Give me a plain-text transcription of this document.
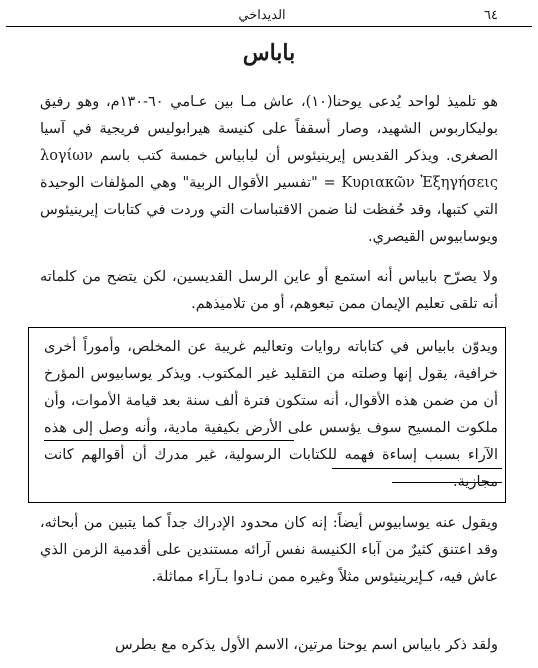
الديداخي	٦٤
باباس

هو تلميذ لواحد يُدعى يوحنا(١٠)، عاش مـا بين عـامي ٦٠-١٣٠م، وهو رفيق بوليكاربوس الشهيد، وصار أسقفاً على كنيسة هيرابوليس فريجية في آسيا الصغرى. ويذكر القديس إيرينيئوس أن لبابياس خمسة كتب باسم λογίων Κυριακῶν Ἐξηγήσεις = "تفسير الأقوال الربية" وهي المؤلفات الوحيدة التي كتبها، وقد حُفظت لنا ضمن الاقتباسات التي وردت في كتابات إيرينيئوس ويوسابيوس القيصري.

ولا يصرّح بابياس أنه استمع أو عاين الرسل القديسين، لكن يتضح من كلماته أنه تلقى تعليم الإيمان ممن تبعوهم، أو من تلاميذهم.

ويدوّن بابياس في كتاباته روايات وتعاليم غريبة عن المخلص، وأموراً أخرى خرافية، يقول إنها وصلته من التقليد غير المكتوب. ويذكر يوسابيوس المؤرخ أن من ضمن هذه الأقوال، أنه ستكون فترة ألف سنة بعد قيامة الأموات، وأن ملكوت المسيح سوف يؤسس على الأرض بكيفية مادية، وأنه وصل إلى هذه الآراء بسبب إساءة فهمه للكتابات الرسولية، غير مدرك أن أقوالهم كانت مجازية.

ويقول عنه يوسابيوس أيضاً: إنه كان محدود الإدراك جداً كما يتبين من أبحاثه، وقد اعتنق كثيرٌ من آباء الكنيسة نفس آرائه مستندين على أقدمية الزمن الذي عاش فيه، كـإيرينيئوس مثلاً وغيره ممن نـادوا بـآراء مماثلة.

ولقد ذكر بابياس اسم يوحنا مرتين، الاسم الأول يذكره مع بطرس
